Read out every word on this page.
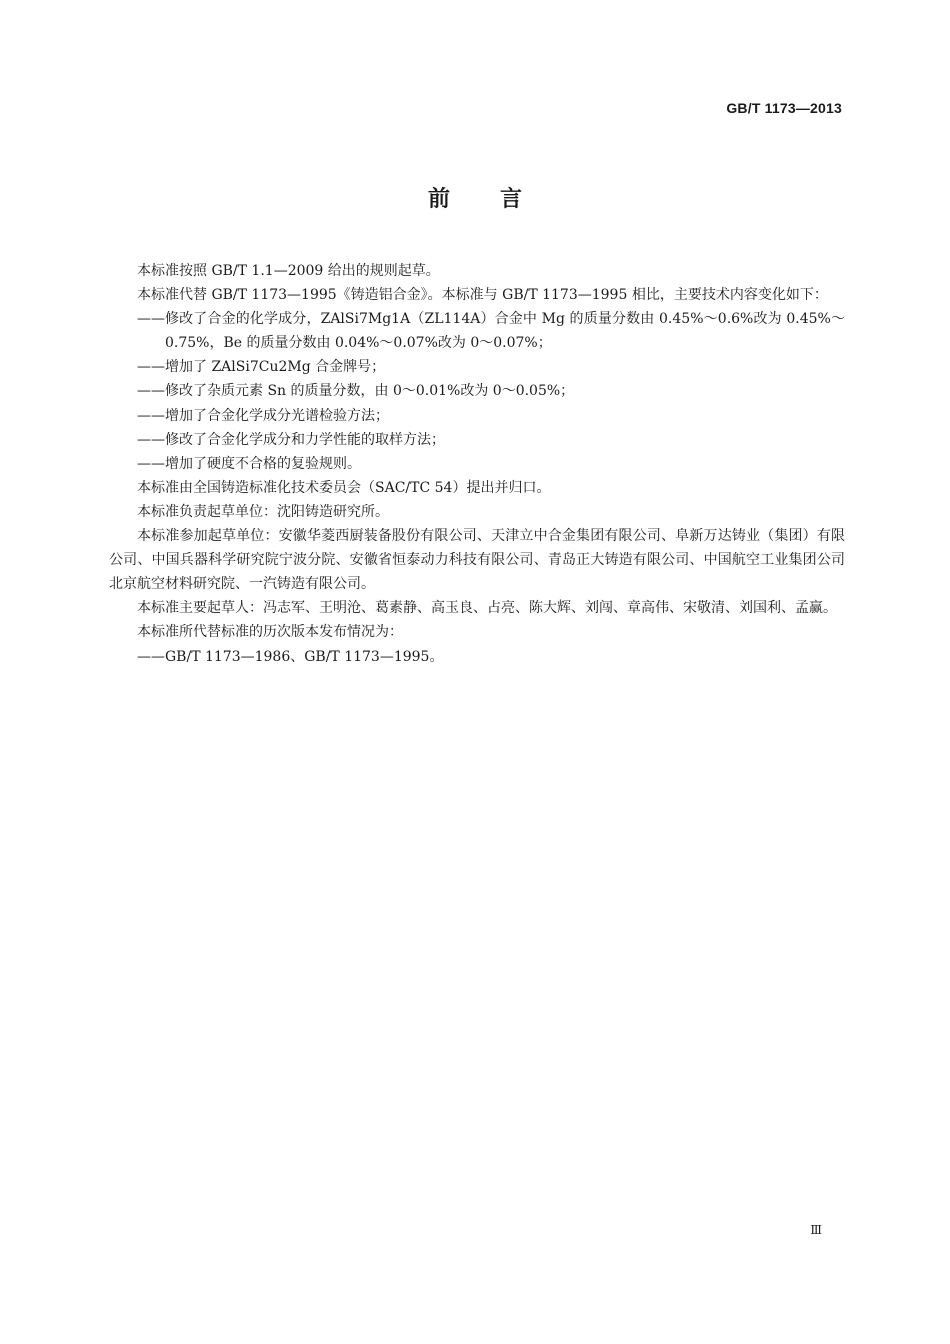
GB/T 1173—2013
前言

本标准按照 GB/T 1.1—2009 给出的规则起草。

本标准代替 GB/T 1173—1995《铸造铝合金》。本标准与 GB/T 1173—1995 相比，主要技术内容变化如下：

—— 修改了合金的化学成分，ZAlSi7Mg1A（ZL114A）合金中 Mg 的质量分数由 0.45%～0.6%改为 0.45%～0.75%，Be 的质量分数由 0.04%～0.07%改为 0～0.07%；

—— 增加了 ZAlSi7Cu2Mg 合金牌号；

—— 修改了杂质元素 Sn 的质量分数，由 0～0.01%改为 0～0.05%；

—— 增加了合金化学成分光谱检验方法；

—— 修改了合金化学成分和力学性能的取样方法；

—— 增加了硬度不合格的复验规则。

本标准由全国铸造标准化技术委员会（SAC/TC 54）提出并归口。

本标准负责起草单位：沈阳铸造研究所。

本标准参加起草单位：安徽华菱西厨装备股份有限公司、天津立中合金集团有限公司、阜新万达铸业（集团）有限公司、中国兵器科学研究院宁波分院、安徽省恒泰动力科技有限公司、青岛正大铸造有限公司、中国航空工业集团公司北京航空材料研究院、一汽铸造有限公司。

本标准主要起草人：冯志军、王明沧、葛素静、高玉良、占亮、陈大辉、刘闯、章高伟、宋敬清、刘国利、孟赢。

本标准所代替标准的历次版本发布情况为：

—— GB/T 1173—1986、GB/T 1173—1995。

Ⅲ
